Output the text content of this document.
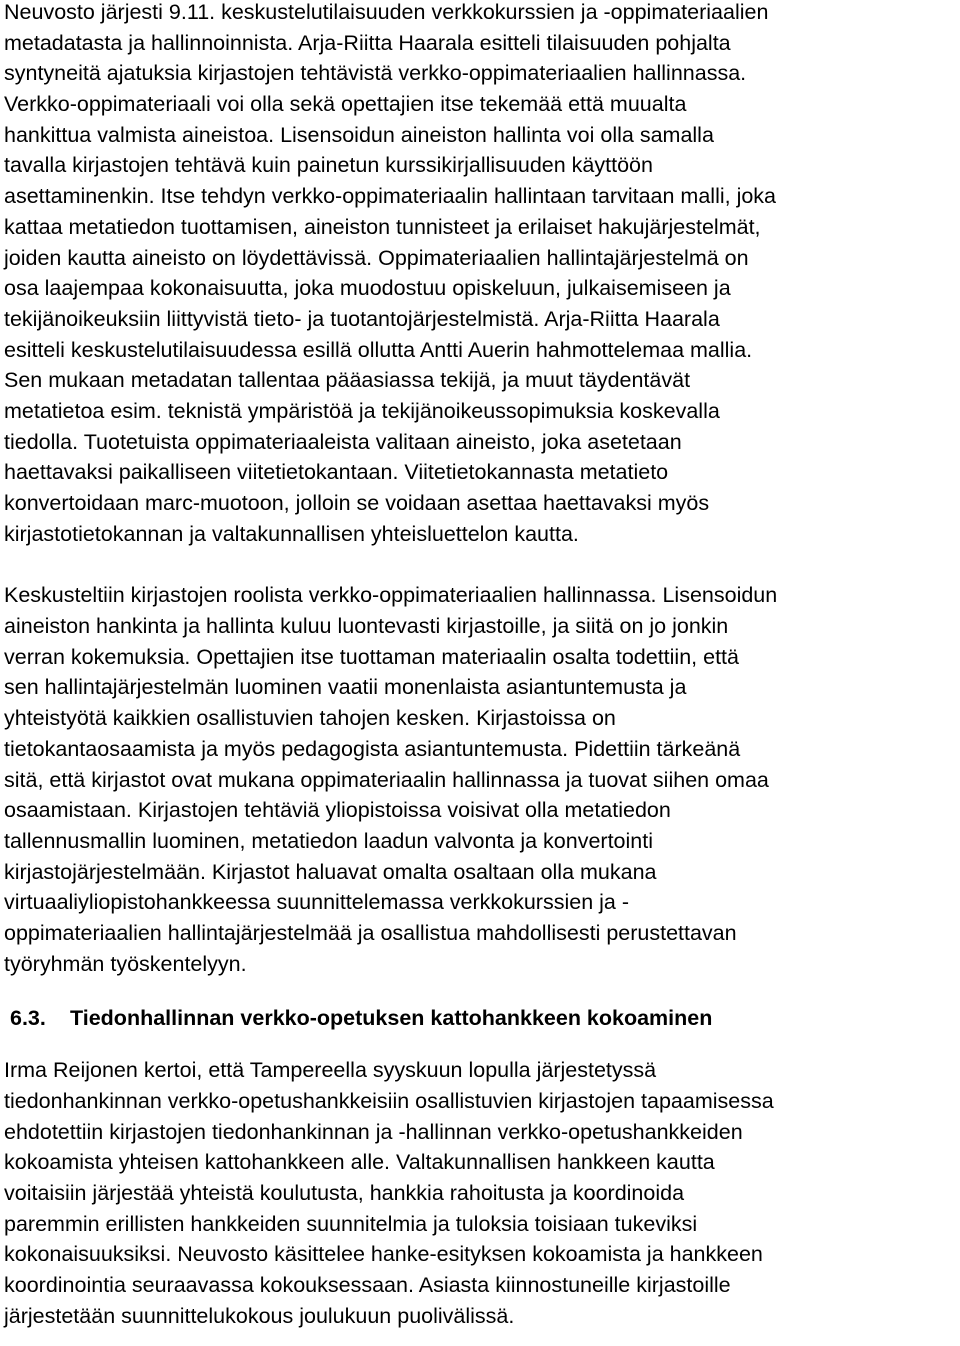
Neuvosto järjesti 9.11. keskustelutilaisuuden verkkokurssien ja -oppimateriaalien
metadatasta ja hallinnoinnista. Arja-Riitta Haarala esitteli tilaisuuden pohjalta
syntyneitä ajatuksia kirjastojen tehtävistä verkko-oppimateriaalien hallinnassa.
Verkko-oppimateriaali voi olla sekä opettajien itse tekemää että muualta
hankittua valmista aineistoa. Lisensoidun aineiston hallinta voi olla samalla
tavalla kirjastojen tehtävä kuin painetun kurssikirjallisuuden käyttöön
asettaminenkin. Itse tehdyn verkko-oppimateriaalin hallintaan tarvitaan malli, joka
kattaa metatiedon tuottamisen, aineiston tunnisteet ja erilaiset hakujärjestelmät,
joiden kautta aineisto on löydettävissä. Oppimateriaalien hallintajärjestelmä on
osa laajempaa kokonaisuutta, joka muodostuu opiskeluun, julkaisemiseen ja
tekijänoikeuksiin liittyvistä tieto- ja tuotantojärjestelmistä. Arja-Riitta Haarala
esitteli keskustelutilaisuudessa esillä ollutta Antti Auerin hahmottelemaa mallia.
Sen mukaan metadatan tallentaa pääasiassa tekijä, ja muut täydentävät
metatietoa esim. teknistä ympäristöä ja tekijänoikeussopimuksia koskevalla
tiedolla. Tuotetuista oppimateriaaleista valitaan aineisto, joka asetetaan
haettavaksi paikalliseen viitetietokantaan. Viitetietokannasta metatieto
konvertoidaan marc-muotoon, jolloin se voidaan asettaa haettavaksi myös
kirjastotietokannan ja valtakunnallisen yhteisluettelon kautta.
Keskusteltiin kirjastojen roolista verkko-oppimateriaalien hallinnassa. Lisensoidun
aineiston hankinta ja hallinta kuluu luontevasti kirjastoille, ja siitä on jo jonkin
verran kokemuksia. Opettajien itse tuottaman materiaalin osalta todettiin, että
sen hallintajärjestelmän luominen vaatii monenlaista asiantuntemusta ja
yhteistyötä kaikkien osallistuvien tahojen kesken. Kirjastoissa on
tietokantaosaamista ja myös pedagogista asiantuntemusta. Pidettiin tärkeänä
sitä, että kirjastot ovat mukana oppimateriaalin hallinnassa ja tuovat siihen omaa
osaamistaan. Kirjastojen tehtäviä yliopistoissa voisivat olla metatiedon
tallennusmallin luominen, metatiedon laadun valvonta ja konvertointi
kirjastojärjestelmään. Kirjastot haluavat omalta osaltaan olla mukana
virtuaaliyliopistohankkeessa suunnittelemassa verkkokurssien ja -
oppimateriaalien hallintajärjestelmää ja osallistua mahdollisesti perustettavan
työryhmän työskentelyyn.
6.3. Tiedonhallinnan verkko-opetuksen kattohankkeen kokoaminen
Irma Reijonen kertoi, että Tampereella syyskuun lopulla järjestetyssä
tiedonhankinnan verkko-opetushankkeisiin osallistuvien kirjastojen tapaamisessa
ehdotettiin kirjastojen tiedonhankinnan ja -hallinnan verkko-opetushankkeiden
kokoamista yhteisen kattohankkeen alle. Valtakunnallisen hankkeen kautta
voitaisiin järjestää yhteistä koulutusta, hankkia rahoitusta ja koordinoida
paremmin erillisten hankkeiden suunnitelmia ja tuloksia toisiaan tukeviksi
kokonaisuuksiksi. Neuvosto käsittelee hanke-esityksen kokoamista ja hankkeen
koordinointia seuraavassa kokouksessaan. Asiasta kiinnostuneille kirjastoille
järjestetään suunnittelukokous joulukuun puolivälissä.
